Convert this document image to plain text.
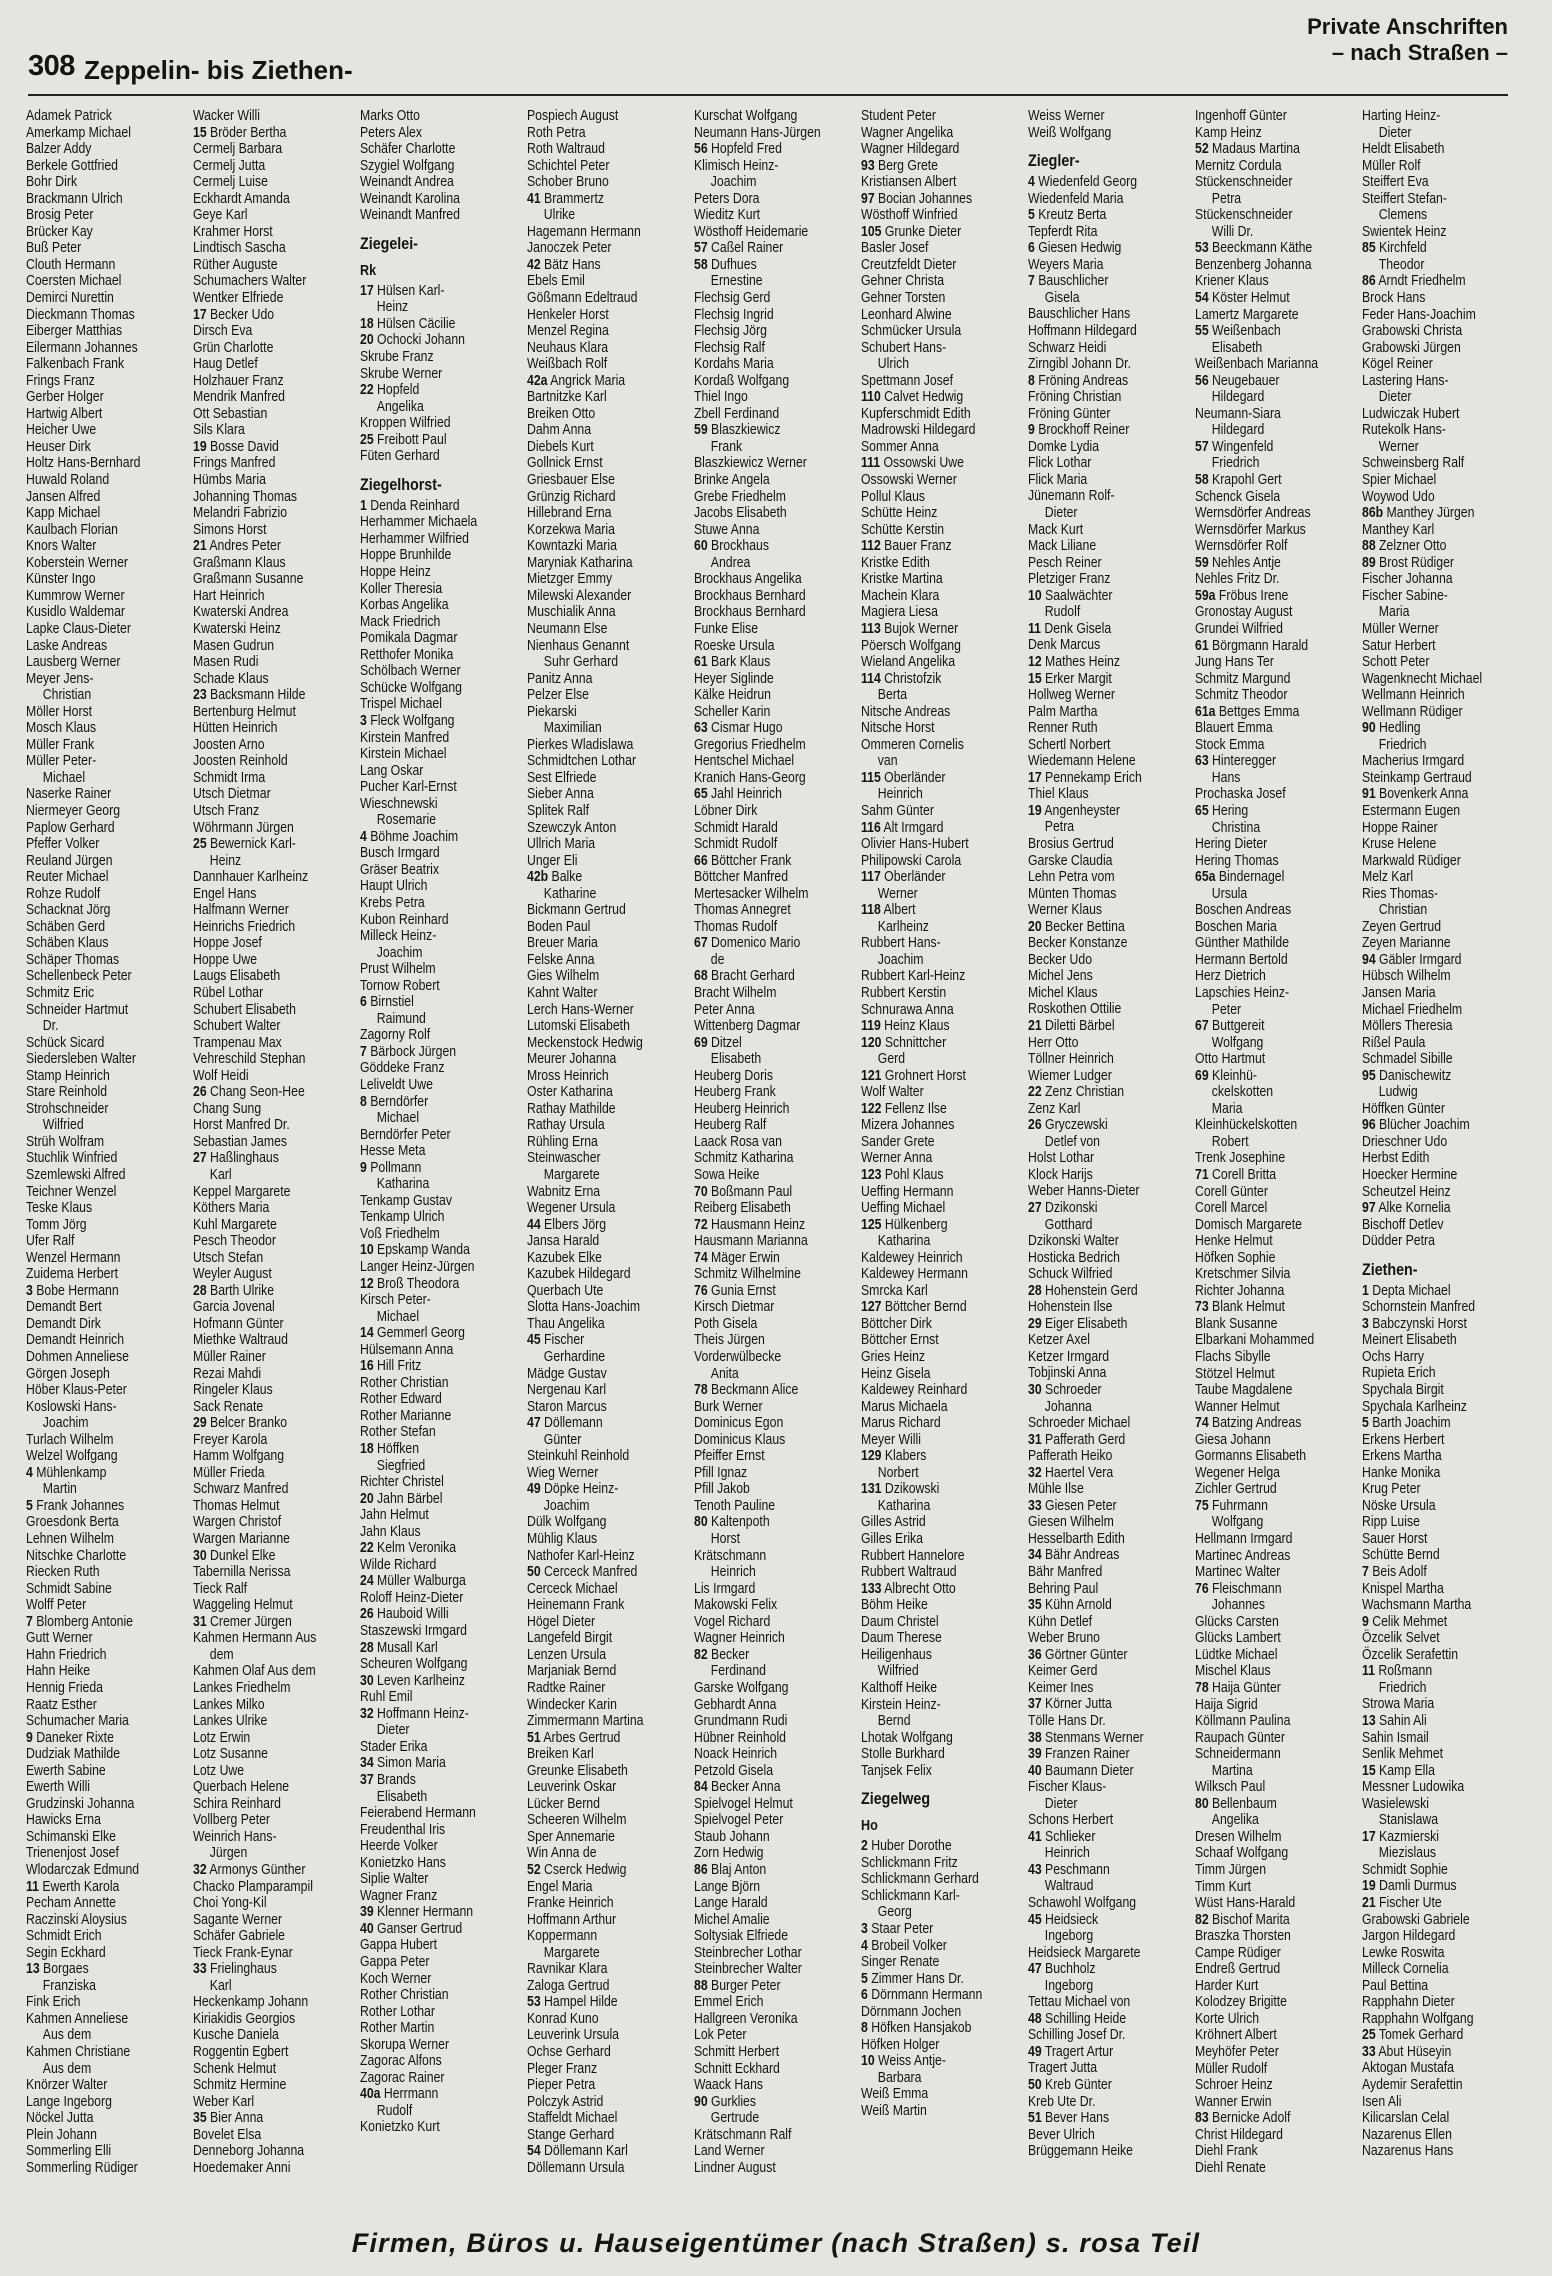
308 Zeppelin- bis Ziethen-
Private Anschriften
– nach Straßen –
Adamek Patrick
Amerkamp Michael
Balzer Addy
Berkele Gottfried
Bohr Dirk
Brackmann Ulrich
Brosig Peter
Brücker Kay
Buß Peter
Clouth Hermann
Coersten Michael
Demirci Nurettin
Dieckmann Thomas
Eiberger Matthias
Eilermann Johannes
Falkenbach Frank
Frings Franz
Gerber Holger
Hartwig Albert
Heicher Uwe
Heuser Dirk
Holtz Hans-Bernhard
Huwald Roland
Jansen Alfred
Kapp Michael
Kaulbach Florian
Knors Walter
Koberstein Werner
Künster Ingo
Kummrow Werner
Kusidlo Waldemar
Lapke Claus-Dieter
Laske Andreas
Lausberg Werner
Meyer Jens-
Christian
Möller Horst
Mosch Klaus
Müller Frank
Müller Peter-
Michael
Naserke Rainer
Niermeyer Georg
Paplow Gerhard
Pfeffer Volker
Reuland Jürgen
Reuter Michael
Rohze Rudolf
Schacknat Jörg
Schäben Gerd
Schäben Klaus
Schäper Thomas
Schellenbeck Peter
Schmitz Eric
Schneider Hartmut
Dr.
Schück Sicard
Siedersleben Walter
Stamp Heinrich
Stare Reinhold
Strohschneider
Wilfried
Strüh Wolfram
Stuchlik Winfried
Szemlewski Alfred
Teichner Wenzel
Teske Klaus
Tomm Jörg
Ufer Ralf
Wenzel Hermann
Zuidema Herbert
3 Bobe Hermann
Demandt Bert
Demandt Dirk
Demandt Heinrich
Dohmen Anneliese
Görgen Joseph
Höber Klaus-Peter
Koslowski Hans-
Joachim
Turlach Wilhelm
Welzel Wolfgang
4 Mühlenkamp
Martin
5 Frank Johannes
Groesdonk Berta
Lehnen Wilhelm
Nitschke Charlotte
Riecken Ruth
Schmidt Sabine
Wolff Peter
7 Blomberg Antonie
Gutt Werner
Hahn Friedrich
Hahn Heike
Hennig Frieda
Raatz Esther
Schumacher Maria
9 Daneker Rixte
Dudziak Mathilde
Ewerth Sabine
Ewerth Willi
Grudzinski Johanna
Hawicks Erna
Schimanski Elke
Trienenjost Josef
Wlodarczak Edmund
11 Ewerth Karola
Pecham Annette
Raczinski Aloysius
Schmidt Erich
Segin Eckhard
13 Borgaes
Franziska
Fink Erich
Kahmen Anneliese
Aus dem
Kahmen Christiane
Aus dem
Knörzer Walter
Lange Ingeborg
Nöckel Jutta
Plein Johann
Sommerling Elli
Sommerling Rüdiger
Wacker Willi
15 Bröder Bertha
Cermelj Barbara
Cermelj Jutta
Cermelj Luise
Eckhardt Amanda
Geye Karl
Krahmer Horst
Lindtisch Sascha
Rüther Auguste
Schumachers Walter
Wentker Elfriede
17 Becker Udo
Dirsch Eva
Grün Charlotte
Haug Detlef
Holzhauer Franz
Mendrik Manfred
Ott Sebastian
Sils Klara
19 Bosse David
Frings Manfred
Hümbs Maria
Johanning Thomas
Melandri Fabrizio
Simons Horst
21 Andres Peter
Graßmann Klaus
Graßmann Susanne
Hart Heinrich
Kwaterski Andrea
Kwaterski Heinz
Masen Gudrun
Masen Rudi
Schade Klaus
23 Backsmann Hilde
Bertenburg Helmut
Hütten Heinrich
Joosten Arno
Joosten Reinhold
Schmidt Irma
Utsch Dietmar
Utsch Franz
Wöhrmann Jürgen
25 Bewernick Karl-
Heinz
Dannhauer Karlheinz
Engel Hans
Halfmann Werner
Heinrichs Friedrich
Hoppe Josef
Hoppe Uwe
Laugs Elisabeth
Rübel Lothar
Schubert Elisabeth
Schubert Walter
Trampenau Max
Vehreschild Stephan
Wolf Heidi
26 Chang Seon-Hee
Chang Sung
Horst Manfred Dr.
Sebastian James
27 Haßlinghaus
Karl
Keppel Margarete
Köthers Maria
Kuhl Margarete
Pesch Theodor
Utsch Stefan
Weyler August
28 Barth Ulrike
Garcia Jovenal
Hofmann Günter
Miethke Waltraud
Müller Rainer
Rezai Mahdi
Ringeler Klaus
Sack Renate
29 Belcer Branko
Freyer Karola
Hamm Wolfgang
Müller Frieda
Schwarz Manfred
Thomas Helmut
Wargen Christof
Wargen Marianne
30 Dunkel Elke
Tabernilla Nerissa
Tieck Ralf
Waggeling Helmut
31 Cremer Jürgen
Kahmen Hermann Aus
dem
Kahmen Olaf Aus dem
Lankes Friedhelm
Lankes Milko
Lankes Ulrike
Lotz Erwin
Lotz Susanne
Lotz Uwe
Querbach Helene
Schira Reinhard
Vollberg Peter
Weinrich Hans-
Jürgen
32 Armonys Günther
Chacko Plamparampil
Choi Yong-Kil
Sagante Werner
Schäfer Gabriele
Tieck Frank-Eynar
33 Frielinghaus
Karl
Heckenkamp Johann
Kiriakidis Georgios
Kusche Daniela
Roggentin Egbert
Schenk Helmut
Schmitz Hermine
Weber Karl
35 Bier Anna
Bovelet Elsa
Denneborg Johanna
Hoedemaker Anni
Marks Otto
Peters Alex
Schäfer Charlotte
Szygiel Wolfgang
Weinandt Andrea
Weinandt Karolina
Weinandt Manfred
Ziegelei-
Rk
17 Hülsen Karl-
Heinz
18 Hülsen Cäcilie
20 Ochocki Johann
Skrube Franz
Skrube Werner
22 Hopfeld
Angelika
Kroppen Wilfried
25 Freibott Paul
Füten Gerhard
Ziegelhorst-
1 Denda Reinhard
Herhammer Michaela
Herhammer Wilfried
Hoppe Brunhilde
Hoppe Heinz
Koller Theresia
Korbas Angelika
Mack Friedrich
Pomikala Dagmar
Retthofer Monika
Schölbach Werner
Schücke Wolfgang
Trispel Michael
3 Fleck Wolfgang
Kirstein Manfred
Kirstein Michael
Lang Oskar
Pucher Karl-Ernst
Wieschnewski
Rosemarie
4 Böhme Joachim
Busch Irmgard
Gräser Beatrix
Haupt Ulrich
Krebs Petra
Kubon Reinhard
Milleck Heinz-
Joachim
Prust Wilhelm
Tornow Robert
6 Birnstiel
Raimund
Zagorny Rolf
7 Bärbock Jürgen
Göddeke Franz
Leliveldt Uwe
8 Berndörfer
Michael
Berndörfer Peter
Hesse Meta
9 Pollmann
Katharina
Tenkamp Gustav
Tenkamp Ulrich
Voß Friedhelm
10 Epskamp Wanda
Langer Heinz-Jürgen
12 Broß Theodora
Kirsch Peter-
Michael
14 Gemmerl Georg
Hülsemann Anna
16 Hill Fritz
Rother Christian
Rother Edward
Rother Marianne
Rother Stefan
18 Höffken
Siegfried
Richter Christel
20 Jahn Bärbel
Jahn Helmut
Jahn Klaus
22 Kelm Veronika
Wilde Richard
24 Müller Walburga
Roloff Heinz-Dieter
26 Hauboid Willi
Staszewski Irmgard
28 Musall Karl
Scheuren Wolfgang
30 Leven Karlheinz
Ruhl Emil
32 Hoffmann Heinz-
Dieter
Stader Erika
34 Simon Maria
37 Brands
Elisabeth
Feierabend Hermann
Freudenthal Iris
Heerde Volker
Konietzko Hans
Siplie Walter
Wagner Franz
39 Klenner Hermann
40 Ganser Gertrud
Gappa Hubert
Gappa Peter
Koch Werner
Rother Christian
Rother Lothar
Rother Martin
Skorupa Werner
Zagorac Alfons
Zagorac Rainer
40a Herrmann
Rudolf
Konietzko Kurt
Pospiech August
Roth Petra
Roth Waltraud
Schichtel Peter
Schober Bruno
41 Brammertz
Ulrike
Hagemann Hermann
Janoczek Peter
42 Bätz Hans
Ebels Emil
Gößmann Edeltraud
Henkeler Horst
Menzel Regina
Neuhaus Klara
Weißbach Rolf
42a Angrick Maria
Bartnitzke Karl
Breiken Otto
Dahm Anna
Diebels Kurt
Gollnick Ernst
Griesbauer Else
Grünzig Richard
Hillebrand Erna
Korzekwa Maria
Kowntazki Maria
Maryniak Katharina
Mietzger Emmy
Milewski Alexander
Muschialik Anna
Neumann Else
Nienhaus Genannt
Suhr Gerhard
Panitz Anna
Pelzer Else
Piekarski
Maximilian
Pierkes Wladislawa
Schmidtchen Lothar
Sest Elfriede
Sieber Anna
Splitek Ralf
Szewczyk Anton
Ullrich Maria
Unger Eli
42b Balke
Katharine
Bickmann Gertrud
Boden Paul
Breuer Maria
Felske Anna
Gies Wilhelm
Kahnt Walter
Lerch Hans-Werner
Lutomski Elisabeth
Meckenstock Hedwig
Meurer Johanna
Mross Heinrich
Oster Katharina
Rathay Mathilde
Rathay Ursula
Rühling Erna
Steinwascher
Margarete
Wabnitz Erna
Wegener Ursula
44 Elbers Jörg
Jansa Harald
Kazubek Elke
Kazubek Hildegard
Querbach Ute
Slotta Hans-Joachim
Thau Angelika
45 Fischer
Gerhardine
Mädge Gustav
Nergenau Karl
Staron Marcus
47 Döllemann
Günter
Steinkuhl Reinhold
Wieg Werner
49 Döpke Heinz-
Joachim
Dülk Wolfgang
Mühlig Klaus
Nathofer Karl-Heinz
50 Cerceck Manfred
Cerceck Michael
Heinemann Frank
Högel Dieter
Langefeld Birgit
Lenzen Ursula
Marjaniak Bernd
Radtke Rainer
Windecker Karin
Zimmermann Martina
51 Arbes Gertrud
Breiken Karl
Greunke Elisabeth
Leuverink Oskar
Lücker Bernd
Scheeren Wilhelm
Sper Annemarie
Win Anna de
52 Cserck Hedwig
Engel Maria
Franke Heinrich
Hoffmann Arthur
Koppermann
Margarete
Ravnikar Klara
Zaloga Gertrud
53 Hampel Hilde
Konrad Kuno
Leuverink Ursula
Ochse Gerhard
Pleger Franz
Pieper Petra
Polczyk Astrid
Staffeldt Michael
Stange Gerhard
54 Döllemann Karl
Döllemann Ursula
Kurschat Wolfgang
Neumann Hans-Jürgen
56 Hopfeld Fred
Klimisch Heinz-
Joachim
Peters Dora
Wieditz Kurt
Wösthoff Heidemarie
57 Caßel Rainer
58 Dufhues
Ernestine
Flechsig Gerd
Flechsig Ingrid
Flechsig Jörg
Flechsig Ralf
Kordahs Maria
Kordaß Wolfgang
Thiel Ingo
Zbell Ferdinand
59 Blaszkiewicz
Frank
Blaszkiewicz Werner
Brinke Angela
Grebe Friedhelm
Jacobs Elisabeth
Stuwe Anna
60 Brockhaus
Andrea
Brockhaus Angelika
Brockhaus Bernhard
Brockhaus Bernhard
Funke Elise
Roeske Ursula
61 Bark Klaus
Heyer Siglinde
Kälke Heidrun
Scheller Karin
63 Cismar Hugo
Gregorius Friedhelm
Hentschel Michael
Kranich Hans-Georg
65 Jahl Heinrich
Löbner Dirk
Schmidt Harald
Schmidt Rudolf
66 Böttcher Frank
Böttcher Manfred
Mertesacker Wilhelm
Thomas Annegret
Thomas Rudolf
67 Domenico Mario
de
68 Bracht Gerhard
Bracht Wilhelm
Peter Anna
Wittenberg Dagmar
69 Ditzel
Elisabeth
Heuberg Doris
Heuberg Frank
Heuberg Heinrich
Heuberg Ralf
Laack Rosa van
Schmitz Katharina
Sowa Heike
70 Boßmann Paul
Reiberg Elisabeth
72 Hausmann Heinz
Hausmann Marianna
74 Mäger Erwin
Schmitz Wilhelmine
76 Gunia Ernst
Kirsch Dietmar
Poth Gisela
Theis Jürgen
Vorderwülbecke
Anita
78 Beckmann Alice
Burk Werner
Dominicus Egon
Dominicus Klaus
Pfeiffer Ernst
Pfill Ignaz
Pfill Jakob
Tenoth Pauline
80 Kaltenpoth
Horst
Krätschmann
Heinrich
Lis Irmgard
Makowski Felix
Vogel Richard
Wagner Heinrich
82 Becker
Ferdinand
Garske Wolfgang
Gebhardt Anna
Grundmann Rudi
Hübner Reinhold
Noack Heinrich
Petzold Gisela
84 Becker Anna
Spielvogel Helmut
Spielvogel Peter
Staub Johann
Zorn Hedwig
86 Blaj Anton
Lange Björn
Lange Harald
Michel Amalie
Soltysiak Elfriede
Steinbrecher Lothar
Steinbrecher Walter
88 Burger Peter
Emmel Erich
Hallgreen Veronika
Lok Peter
Schmitt Herbert
Schnitt Eckhard
Waack Hans
90 Gurklies
Gertrude
Krätschmann Ralf
Land Werner
Lindner August
Student Peter
Wagner Angelika
Wagner Hildegard
93 Berg Grete
Kristiansen Albert
97 Bocian Johannes
Wösthoff Winfried
105 Grunke Dieter
Basler Josef
Creutzfeldt Dieter
Gehner Christa
Gehner Torsten
Leonhard Alwine
Schmücker Ursula
Schubert Hans-
Ulrich
Spettmann Josef
110 Calvet Hedwig
Kupferschmidt Edith
Madrowski Hildegard
Sommer Anna
111 Ossowski Uwe
Ossowski Werner
Pollul Klaus
Schütte Heinz
Schütte Kerstin
112 Bauer Franz
Kristke Edith
Kristke Martina
Machein Klara
Magiera Liesa
113 Bujok Werner
Pöersch Wolfgang
Wieland Angelika
114 Christofzik
Berta
Nitsche Andreas
Nitsche Horst
Ommeren Cornelis
van
115 Oberländer
Heinrich
Sahm Günter
116 Alt Irmgard
Olivier Hans-Hubert
Philipowski Carola
117 Oberländer
Werner
118 Albert
Karlheinz
Rubbert Hans-
Joachim
Rubbert Karl-Heinz
Rubbert Kerstin
Schnurawa Anna
119 Heinz Klaus
120 Schnittcher
Gerd
121 Grohnert Horst
Wolf Walter
122 Fellenz Ilse
Mizera Johannes
Sander Grete
Werner Anna
123 Pohl Klaus
Ueffing Hermann
Ueffing Michael
125 Hülkenberg
Katharina
Kaldewey Heinrich
Kaldewey Hermann
Smrcka Karl
127 Böttcher Bernd
Böttcher Dirk
Böttcher Ernst
Gries Heinz
Heinz Gisela
Kaldewey Reinhard
Marus Michaela
Marus Richard
Meyer Willi
129 Klabers
Norbert
131 Dzikowski
Katharina
Gilles Astrid
Gilles Erika
Rubbert Hannelore
Rubbert Waltraud
133 Albrecht Otto
Böhm Heike
Daum Christel
Daum Therese
Heiligenhaus
Wilfried
Kalthoff Heike
Kirstein Heinz-
Bernd
Lhotak Wolfgang
Stolle Burkhard
Tanjsek Felix
Ziegelweg
Ho
2 Huber Dorothe
Schlickmann Fritz
Schlickmann Gerhard
Schlickmann Karl-
Georg
3 Staar Peter
4 Brobeil Volker
Singer Renate
5 Zimmer Hans Dr.
6 Dörnmann Hermann
Dörnmann Jochen
8 Höfken Hansjakob
Höfken Holger
10 Weiss Antje-
Barbara
Weiß Emma
Weiß Martin
Weiss Werner
Weiß Wolfgang
Ziegler-
4 Wiedenfeld Georg
Wiedenfeld Maria
5 Kreutz Berta
Tepferdt Rita
6 Giesen Hedwig
Weyers Maria
7 Bauschlicher
Gisela
Bauschlicher Hans
Hoffmann Hildegard
Schwarz Heidi
Zirngibl Johann Dr.
8 Fröning Andreas
Fröning Christian
Fröning Günter
9 Brockhoff Reiner
Domke Lydia
Flick Lothar
Flick Maria
Jünemann Rolf-
Dieter
Mack Kurt
Mack Liliane
Pesch Reiner
Pletziger Franz
10 Saalwächter
Rudolf
11 Denk Gisela
Denk Marcus
12 Mathes Heinz
15 Erker Margit
Hollweg Werner
Palm Martha
Renner Ruth
Schertl Norbert
Wiedemann Helene
17 Pennekamp Erich
Thiel Klaus
19 Angenheyster
Petra
Brosius Gertrud
Garske Claudia
Lehn Petra vom
Münten Thomas
Werner Klaus
20 Becker Bettina
Becker Konstanze
Becker Udo
Michel Jens
Michel Klaus
Roskothen Ottilie
21 Diletti Bärbel
Herr Otto
Töllner Heinrich
Wiemer Ludger
22 Zenz Christian
Zenz Karl
26 Gryczewski
Detlef von
Holst Lothar
Klock Harijs
Weber Hanns-Dieter
27 Dzikonski
Gotthard
Dzikonski Walter
Hosticka Bedrich
Schuck Wilfried
28 Hohenstein Gerd
Hohenstein Ilse
29 Eiger Elisabeth
Ketzer Axel
Ketzer Irmgard
Tobjinski Anna
30 Schroeder
Johanna
Schroeder Michael
31 Pafferath Gerd
Pafferath Heiko
32 Haertel Vera
Mühle Ilse
33 Giesen Peter
Giesen Wilhelm
Hesselbarth Edith
34 Bähr Andreas
Bähr Manfred
Behring Paul
35 Kühn Arnold
Kühn Detlef
Weber Bruno
36 Görtner Günter
Keimer Gerd
Keimer Ines
37 Körner Jutta
Tölle Hans Dr.
38 Stenmans Werner
39 Franzen Rainer
40 Baumann Dieter
Fischer Klaus-
Dieter
Schons Herbert
41 Schlieker
Heinrich
43 Peschmann
Waltraud
Schawohl Wolfgang
45 Heidsieck
Ingeborg
Heidsieck Margarete
47 Buchholz
Ingeborg
Tettau Michael von
48 Schilling Heide
Schilling Josef Dr.
49 Tragert Artur
Tragert Jutta
50 Kreb Günter
Kreb Ute Dr.
51 Bever Hans
Bever Ulrich
Brüggemann Heike
Ingenhoff Günter
Kamp Heinz
52 Madaus Martina
Mernitz Cordula
Stückenschneider
Petra
Stückenschneider
Willi Dr.
53 Beeckmann Käthe
Benzenberg Johanna
Kriener Klaus
54 Köster Helmut
Lamertz Margarete
55 Weißenbach
Elisabeth
Weißenbach Marianna
56 Neugebauer
Hildegard
Neumann-Siara
Hildegard
57 Wingenfeld
Friedrich
58 Krapohl Gert
Schenck Gisela
Wernsdörfer Andreas
Wernsdörfer Markus
Wernsdörfer Rolf
59 Nehles Antje
Nehles Fritz Dr.
59a Fröbus Irene
Gronostay August
Grundei Wilfried
61 Börgmann Harald
Jung Hans Ter
Schmitz Margund
Schmitz Theodor
61a Bettges Emma
Blauert Emma
Stock Emma
63 Hinteregger
Hans
Prochaska Josef
65 Hering
Christina
Hering Dieter
Hering Thomas
65a Bindernagel
Ursula
Boschen Andreas
Boschen Maria
Günther Mathilde
Hermann Bertold
Herz Dietrich
Lapschies Heinz-
Peter
67 Buttgereit
Wolfgang
Otto Hartmut
69 Kleinhü-
ckelskotten
Maria
Kleinhückelskotten
Robert
Trenk Josephine
71 Corell Britta
Corell Günter
Corell Marcel
Domisch Margarete
Henke Helmut
Höfken Sophie
Kretschmer Silvia
Richter Johanna
73 Blank Helmut
Blank Susanne
Elbarkani Mohammed
Flachs Sibylle
Stötzel Helmut
Taube Magdalene
Wanner Helmut
74 Batzing Andreas
Giesa Johann
Gormanns Elisabeth
Wegener Helga
Zichler Gertrud
75 Fuhrmann
Wolfgang
Hellmann Irmgard
Martinec Andreas
Martinec Walter
76 Fleischmann
Johannes
Glücks Carsten
Glücks Lambert
Lüdtke Michael
Mischel Klaus
78 Haija Günter
Haija Sigrid
Köllmann Paulina
Raupach Günter
Schneidermann
Martina
Wilksch Paul
80 Bellenbaum
Angelika
Dresen Wilhelm
Schaaf Wolfgang
Timm Jürgen
Timm Kurt
Wüst Hans-Harald
82 Bischof Marita
Braszka Thorsten
Campe Rüdiger
Endreß Gertrud
Harder Kurt
Kolodzey Brigitte
Korte Ulrich
Kröhnert Albert
Meyhöfer Peter
Müller Rudolf
Schroer Heinz
Wanner Erwin
83 Bernicke Adolf
Christ Hildegard
Diehl Frank
Diehl Renate
Harting Heinz-
Dieter
Heldt Elisabeth
Müller Rolf
Steiffert Eva
Steiffert Stefan-
Clemens
Swientek Heinz
85 Kirchfeld
Theodor
86 Arndt Friedhelm
Brock Hans
Feder Hans-Joachim
Grabowski Christa
Grabowski Jürgen
Kögel Reiner
Lastering Hans-
Dieter
Ludwiczak Hubert
Rutekolk Hans-
Werner
Schweinsberg Ralf
Spier Michael
Woywod Udo
86b Manthey Jürgen
Manthey Karl
88 Zelzner Otto
89 Brost Rüdiger
Fischer Johanna
Fischer Sabine-
Maria
Müller Werner
Satur Herbert
Schott Peter
Wagenknecht Michael
Wellmann Heinrich
Wellmann Rüdiger
90 Hedling
Friedrich
Macherius Irmgard
Steinkamp Gertraud
91 Bovenkerk Anna
Estermann Eugen
Hoppe Rainer
Kruse Helene
Markwald Rüdiger
Melz Karl
Ries Thomas-
Christian
Zeyen Gertrud
Zeyen Marianne
94 Gäbler Irmgard
Hübsch Wilhelm
Jansen Maria
Michael Friedhelm
Möllers Theresia
Rißel Paula
Schmadel Sibille
95 Danischewitz
Ludwig
Höffken Günter
96 Blücher Joachim
Drieschner Udo
Herbst Edith
Hoecker Hermine
Scheutzel Heinz
97 Alke Kornelia
Bischoff Detlev
Düdder Petra
Ziethen-
1 Depta Michael
Schornstein Manfred
3 Babczynski Horst
Meinert Elisabeth
Ochs Harry
Rupieta Erich
Spychala Birgit
Spychala Karlheinz
5 Barth Joachim
Erkens Herbert
Erkens Martha
Hanke Monika
Krug Peter
Nöske Ursula
Ripp Luise
Sauer Horst
Schütte Bernd
7 Beis Adolf
Knispel Martha
Wachsmann Martha
9 Celik Mehmet
Özcelik Selvet
Özcelik Serafettin
11 Roßmann
Friedrich
Strowa Maria
13 Sahin Ali
Sahin Ismail
Senlik Mehmet
15 Kamp Ella
Messner Ludowika
Wasielewski
Stanislawa
17 Kazmierski
Miezislaus
Schmidt Sophie
19 Damli Durmus
21 Fischer Ute
Grabowski Gabriele
Jargon Hildegard
Lewke Roswita
Milleck Cornelia
Paul Bettina
Rapphahn Dieter
Rapphahn Wolfgang
25 Tomek Gerhard
33 Abut Hüseyin
Aktogan Mustafa
Aydemir Serafettin
Isen Ali
Kilicarslan Celal
Nazarenus Ellen
Nazarenus Hans
Firmen, Büros u. Hauseigentümer (nach Straßen) s. rosa Teil
